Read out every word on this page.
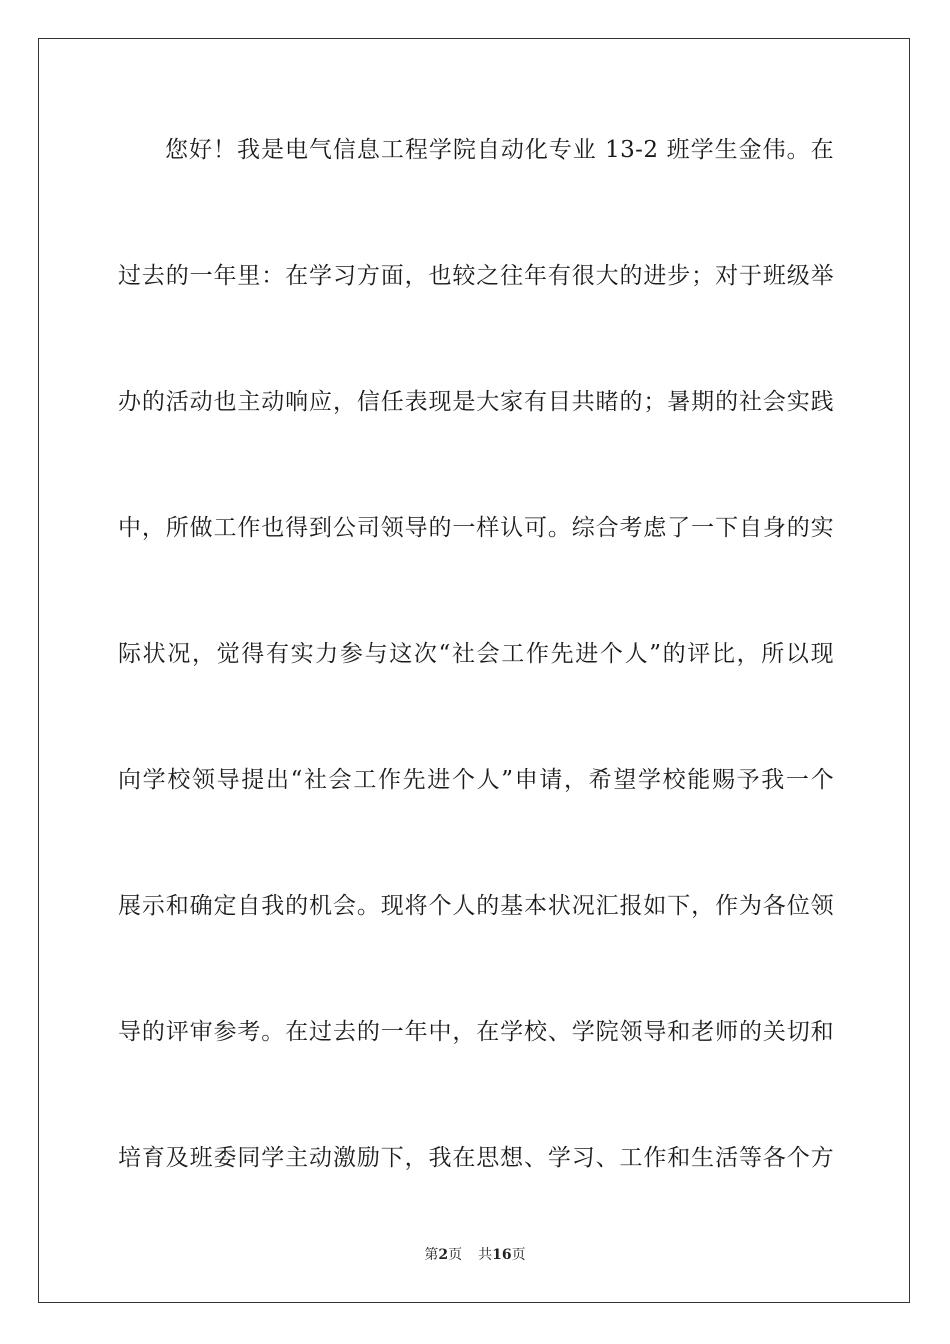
您好！我是电气信息工程学院自动化专业 13-2 班学生金伟。在
过去的一年里：在学习方面，也较之往年有很大的进步；对于班级举
办的活动也主动响应，信任表现是大家有目共睹的；暑期的社会实践
中，所做工作也得到公司领导的一样认可。综合考虑了一下自身的实
际状况，觉得有实力参与这次“社会工作先进个人”的评比，所以现
向学校领导提出“社会工作先进个人”申请，希望学校能赐予我一个
展示和确定自我的机会。现将个人的基本状况汇报如下，作为各位领
导的评审参考。在过去的一年中，在学校、学院领导和老师的关切和
培育及班委同学主动激励下，我在思想、学习、工作和生活等各个方
第2页 共16页
